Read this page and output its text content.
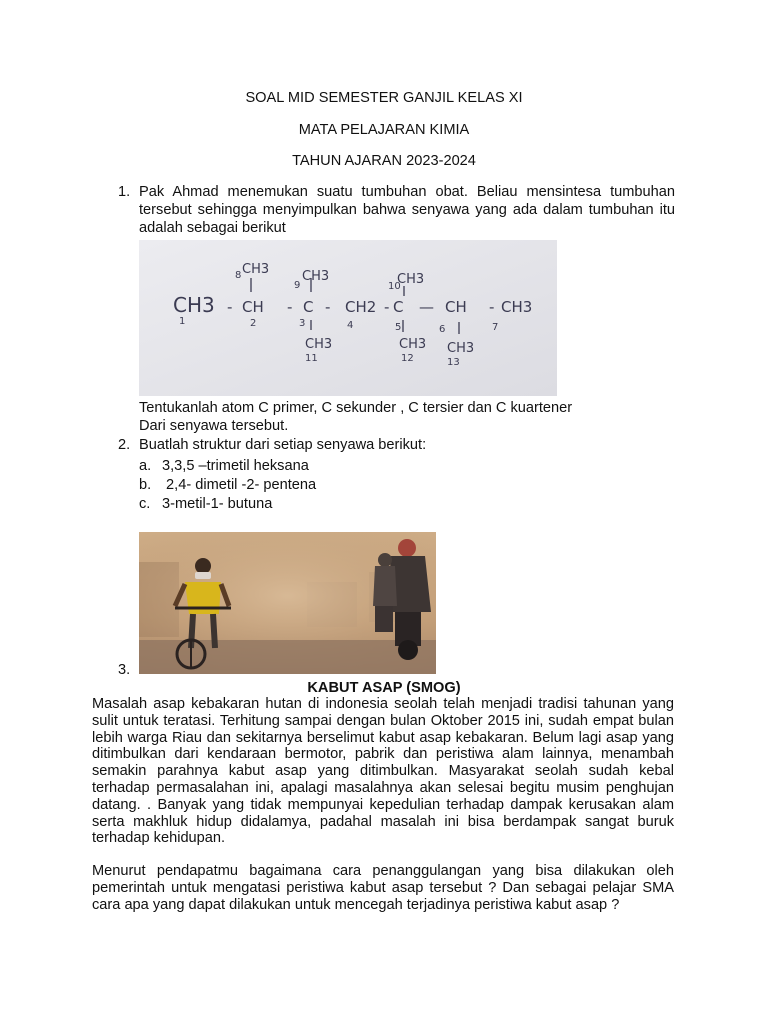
SOAL MID SEMESTER GANJIL KELAS XI
MATA PELAJARAN KIMIA
TAHUN AJARAN 2023-2024
1. Pak Ahmad menemukan suatu tumbuhan obat. Beliau mensintesa tumbuhan tersebut sehingga menyimpulkan bahwa senyawa yang ada dalam tumbuhan itu adalah sebagai berikut
CH3 - CH - C - CH2 - C — CH - CH3
CH3	CH3	CH3
CH3	CH3 CH3
1	2	3	4	5	6	7
8
9	10
11	12	13
Tentukanlah atom C primer, C sekunder , C tersier dan C kuartener
Dari senyawa tersebut.
2. Buatlah struktur dari setiap senyawa berikut:
a. 3,3,5 –trimetil heksana
b. 2,4- dimetil -2- pentena
c. 3-metil-1- butuna
3.
KABUT ASAP (SMOG)
Masalah asap kebakaran hutan di indonesia seolah telah menjadi tradisi tahunan yang sulit untuk teratasi. Terhitung sampai dengan bulan Oktober 2015 ini, sudah empat bulan lebih warga Riau dan sekitarnya berselimut kabut asap kebakaran. Belum lagi asap yang ditimbulkan dari kendaraan bermotor, pabrik dan peristiwa alam lainnya, menambah semakin parahnya kabut asap yang ditimbulkan. Masyarakat seolah sudah kebal terhadap permasalahan ini, apalagi masalahnya akan selesai begitu musim penghujan datang. . Banyak yang tidak mempunyai kepedulian terhadap dampak kerusakan alam serta makhluk hidup didalamya, padahal masalah ini bisa berdampak sangat buruk terhadap kehidupan.
Menurut pendapatmu bagaimana cara penanggulangan yang bisa dilakukan oleh pemerintah untuk mengatasi peristiwa kabut asap tersebut ? Dan sebagai pelajar SMA cara apa yang dapat dilakukan untuk mencegah terjadinya peristiwa kabut asap ?
